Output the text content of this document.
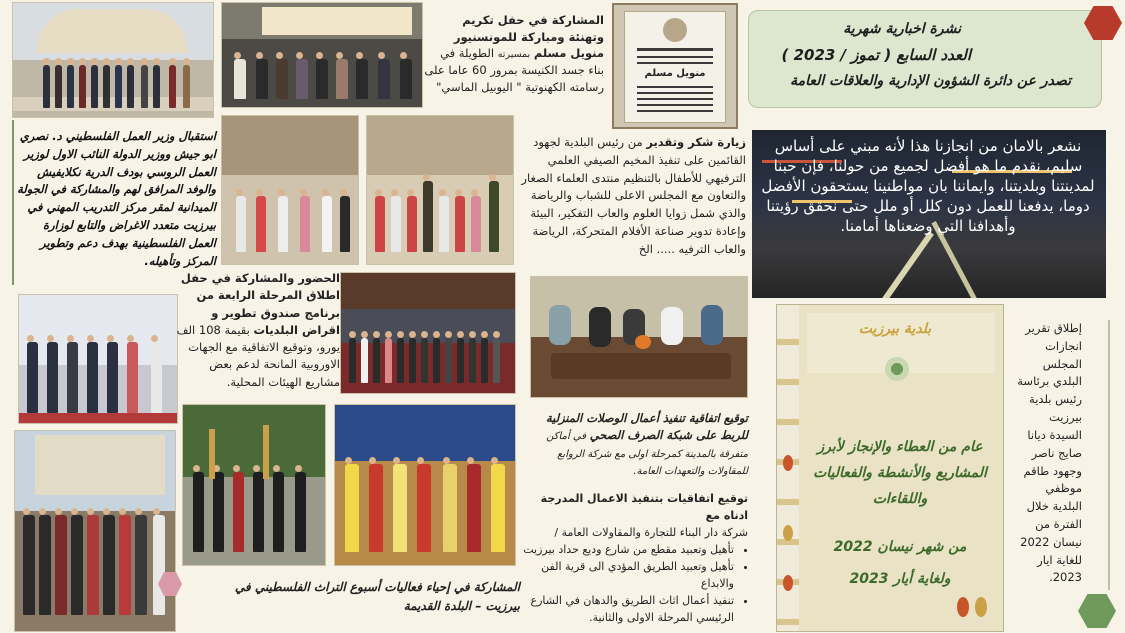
المشاركة في حفل تكريم وتهنئة ومباركة للمونسنيور منويل مسلم بمسيرته الطويلة في بناء جسد الكنيسة بمرور 60 عاما على رسامته الكهنوتية " اليوبيل الماسي"
منويل مسلم
نشرة اخبارية شهرية
العدد السابع ( تموز / 2023 )
تصدر عن دائرة الشؤون الإدارية والعلاقات العامة
استقبال وزير العمل الفلسطيني د. نصري ابو جيش ووزير الدولة النائب الاول لوزير العمل الروسي بودف الدرية نكلايفيش والوفد المرافق لهم والمشاركة في الجولة الميدانية لمقر مركز التدريب المهني في بيرزيت متعدد الاغراض والتابع لوزارة العمل الفلسطينية بهدف دعم وتطوير المركز وتأهيله.
زيارة شكر وتقدير من رئيس البلدية لجهود القائمين على تنفيذ المخيم الصيفي العلمي الترفيهي للأطفال بالتنظيم منتدى العلماء الصغار والتعاون مع المجلس الاعلى للشباب والرياضة والذي شمل زوايا العلوم والعاب التفكير، البيئة وإعادة تدوير صناعة الأفلام المتحركة، الرياضة والعاب الترفيه ..... الخ
نشعر بالامان من انجازنا هذا لأنه مبني على أساس سليم، نقدم ما هو أفضل لجميع من حولنا، فإن حبنا لمدينتنا وبلديتنا، وايماننا بان مواطنينا يستحقون الأفضل دوما، يدفعنا للعمل دون كلل أو ملل حتى نحقق رؤيتنا وأهدافنا التي وضعناها أمامنا.
الحضور والمشاركة في حفل اطلاق المرحلة الرابعة من برنامج صندوق تطوير و اقراض البلديات بقيمة 108 الف يورو، وتوقيع الاتفاقية مع الجهات الاوروبية المانحة لدعم بعض مشاريع الهيئات المحلية.
المشاركة في إحياء فعاليات أسبوع التراث الفلسطيني في بيرزيت – البلدة القديمة
توقيع اتفاقية تنفيذ أعمال الوصلات المنزلية للربط على شبكة الصرف الصحي في أماكن متفرقة بالمدينة كمرحلة اولى مع شركة الروابع للمقاولات والتعهدات العامة.
توقيع اتفاقيات بتنفيذ الاعمال المدرجة ادناه مع
شركة دار البناء للتجارة والمقاولات العامة /
• تأهيل وتعبيد مقطع من شارع وديع حداد بيرزيت
• تأهيل وتعبيد الطريق المؤدي الى قرية الفن والابداع
• تنفيذ أعمال اثاث الطريق والدهان في الشارع الرئيسي المرحلة الاولى والثانية.
بلدية بيرزيت
عام من العطاء والإنجاز لأبرز
المشاريع والأنشطة والفعاليات
واللقاءات
من شهر نيسان 2022
ولغاية أيار 2023
إطلاق تقرير انجازات المجلس البلدي برئاسة رئيس بلدية بيرزيت السيدة ديانا صايج ناصر وجهود طاقم موظفي البلدية خلال الفترة من نيسان 2022 للغاية ايار 2023.
